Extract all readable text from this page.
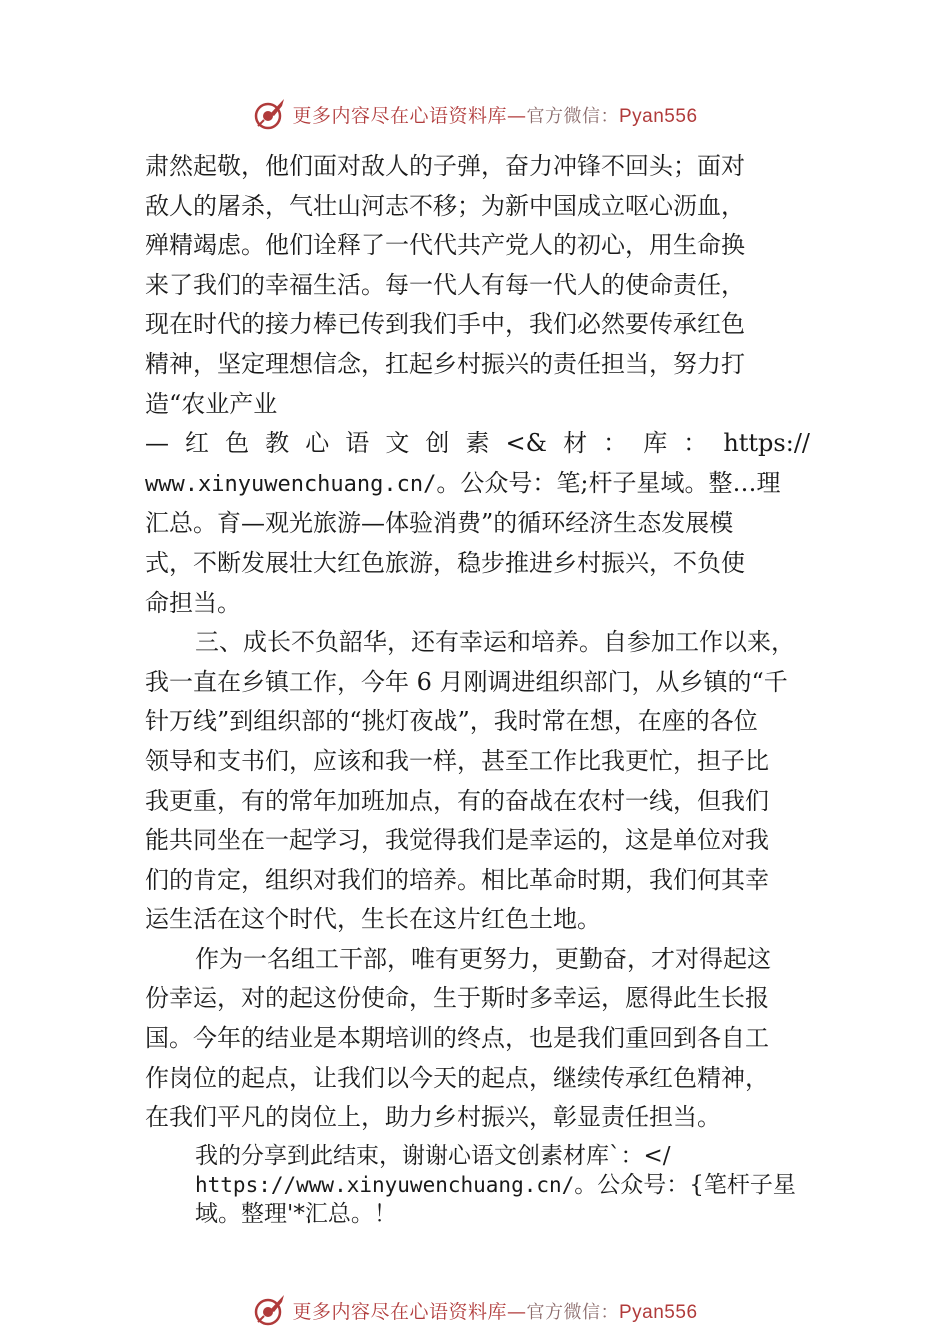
更多内容尽在心语资料库—官方微信：Pyan556

肃然起敬，他们面对敌人的子弹，奋力冲锋不回头；面对
敌人的屠杀，气壮山河志不移；为新中国成立呕心沥血，
殚精竭虑。他们诠释了一代代共产党人的初心，用生命换
来了我们的幸福生活。每一代人有每一代人的使命责任，
现在时代的接力棒已传到我们手中，我们必然要传承红色
精神，坚定理想信念，扛起乡村振兴的责任担当，努力打
造“农业产业

—红色教心语文创素<&材：库：https://

www.xinyuwenchuang.cn/。公众号：笔;杆子星域。整…理

汇总。育—观光旅游—体验消费”的循环经济生态发展模
式，不断发展壮大红色旅游，稳步推进乡村振兴，不负使
命担当。

三、成长不负韶华，还有幸运和培养。自参加工作以来，
我一直在乡镇工作，今年 6 月刚调进组织部门，从乡镇的“千
针万线”到组织部的“挑灯夜战”，我时常在想，在座的各位
领导和支书们，应该和我一样，甚至工作比我更忙，担子比
我更重，有的常年加班加点，有的奋战在农村一线，但我们
能共同坐在一起学习，我觉得我们是幸运的，这是单位对我
们的肯定，组织对我们的培养。相比革命时期，我们何其幸
运生活在这个时代，生长在这片红色土地。

作为一名组工干部，唯有更努力，更勤奋，才对得起这
份幸运，对的起这份使命，生于斯时多幸运，愿得此生长报
国。今年的结业是本期培训的终点，也是我们重回到各自工
作岗位的起点，让我们以今天的起点，继续传承红色精神，
在我们平凡的岗位上，助力乡村振兴，彰显责任担当。

我的分享到此结束，谢谢心语文创素材库`：</
https://www.xinyuwenchuang.cn/。公众号：{笔杆子星
域。整理'*汇总。！
更多内容尽在心语资料库—官方微信：Pyan556
